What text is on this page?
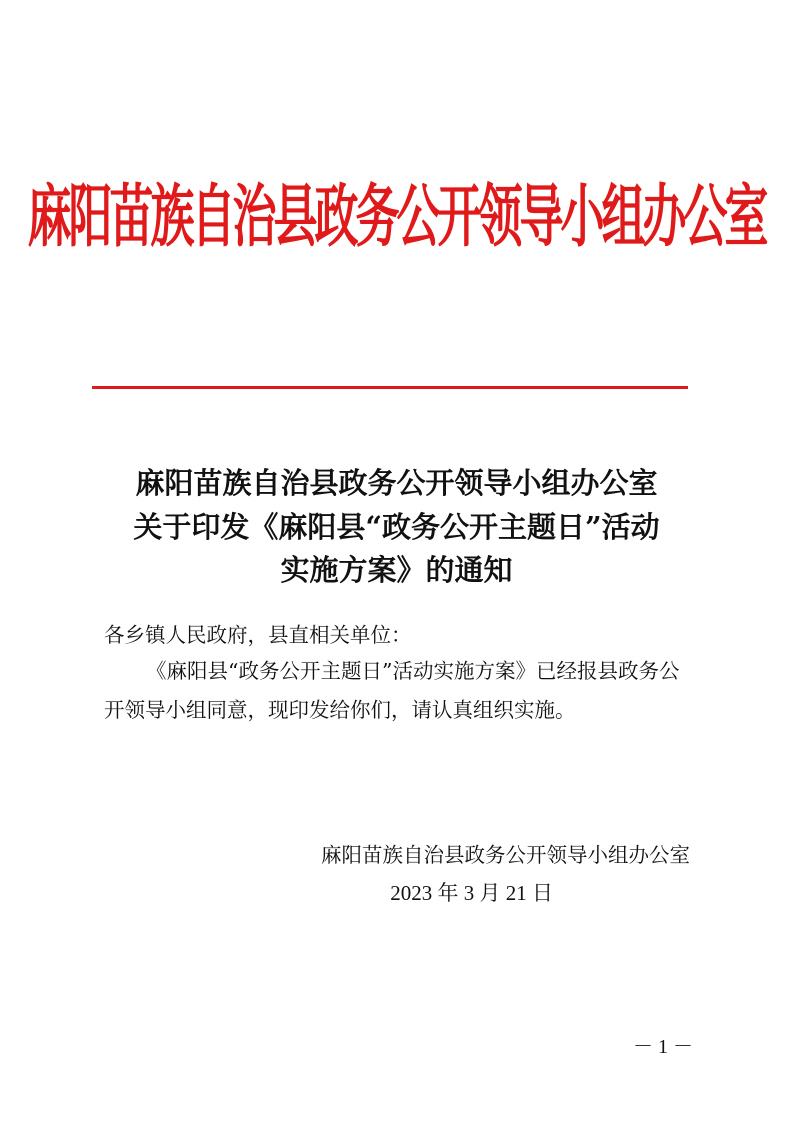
麻阳苗族自治县政务公开领导小组办公室
麻阳苗族自治县政务公开领导小组办公室
关于印发《麻阳县“政务公开主题日”活动
实施方案》的通知
各乡镇人民政府，县直相关单位：
《麻阳县“政务公开主题日”活动实施方案》已经报县政务公
开领导小组同意，现印发给你们，请认真组织实施。
麻阳苗族自治县政务公开领导小组办公室
2023 年 3 月 21 日
－ 1 －
